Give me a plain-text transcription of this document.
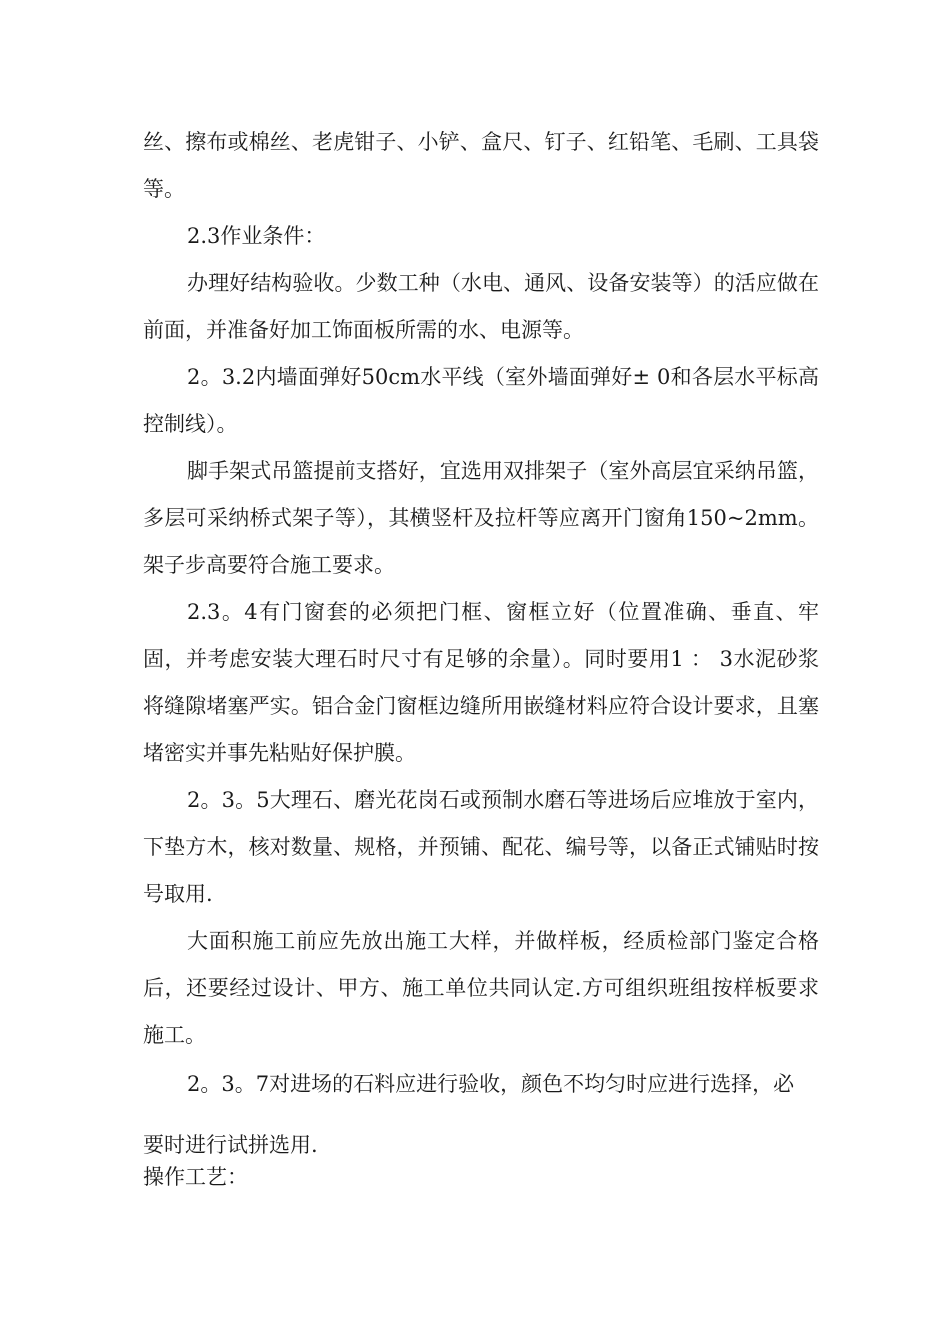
丝、擦布或棉丝、老虎钳子、小铲、盒尺、钉子、红铅笔、毛刷、工具袋等。

2.3作业条件：

办理好结构验收。少数工种（水电、通风、设备安装等）的活应做在前面，并准备好加工饰面板所需的水、电源等。

2。3.2内墙面弹好50cm水平线（室外墙面弹好± 0和各层水平标高控制线）。

脚手架式吊篮提前支搭好，宜选用双排架子（室外高层宜采纳吊篮，多层可采纳桥式架子等），其横竖杆及拉杆等应离开门窗角150~2mm。架子步高要符合施工要求。

2.3。4有门窗套的必须把门框、窗框立好（位置准确、垂直、牢固，并考虑安装大理石时尺寸有足够的余量）。同时要用1 ： 3水泥砂浆将缝隙堵塞严实。铝合金门窗框边缝所用嵌缝材料应符合设计要求，且塞堵密实并事先粘贴好保护膜。

2。3。5大理石、磨光花岗石或预制水磨石等进场后应堆放于室内，下垫方木，核对数量、规格，并预铺、配花、编号等，以备正式铺贴时按号取用.

大面积施工前应先放出施工大样，并做样板，经质检部门鉴定合格后，还要经过设计、甲方、施工单位共同认定.方可组织班组按样板要求施工。

2。3。7对进场的石料应进行验收，颜色不均匀时应进行选择，必

要时进行试拼选用.

操作工艺：
